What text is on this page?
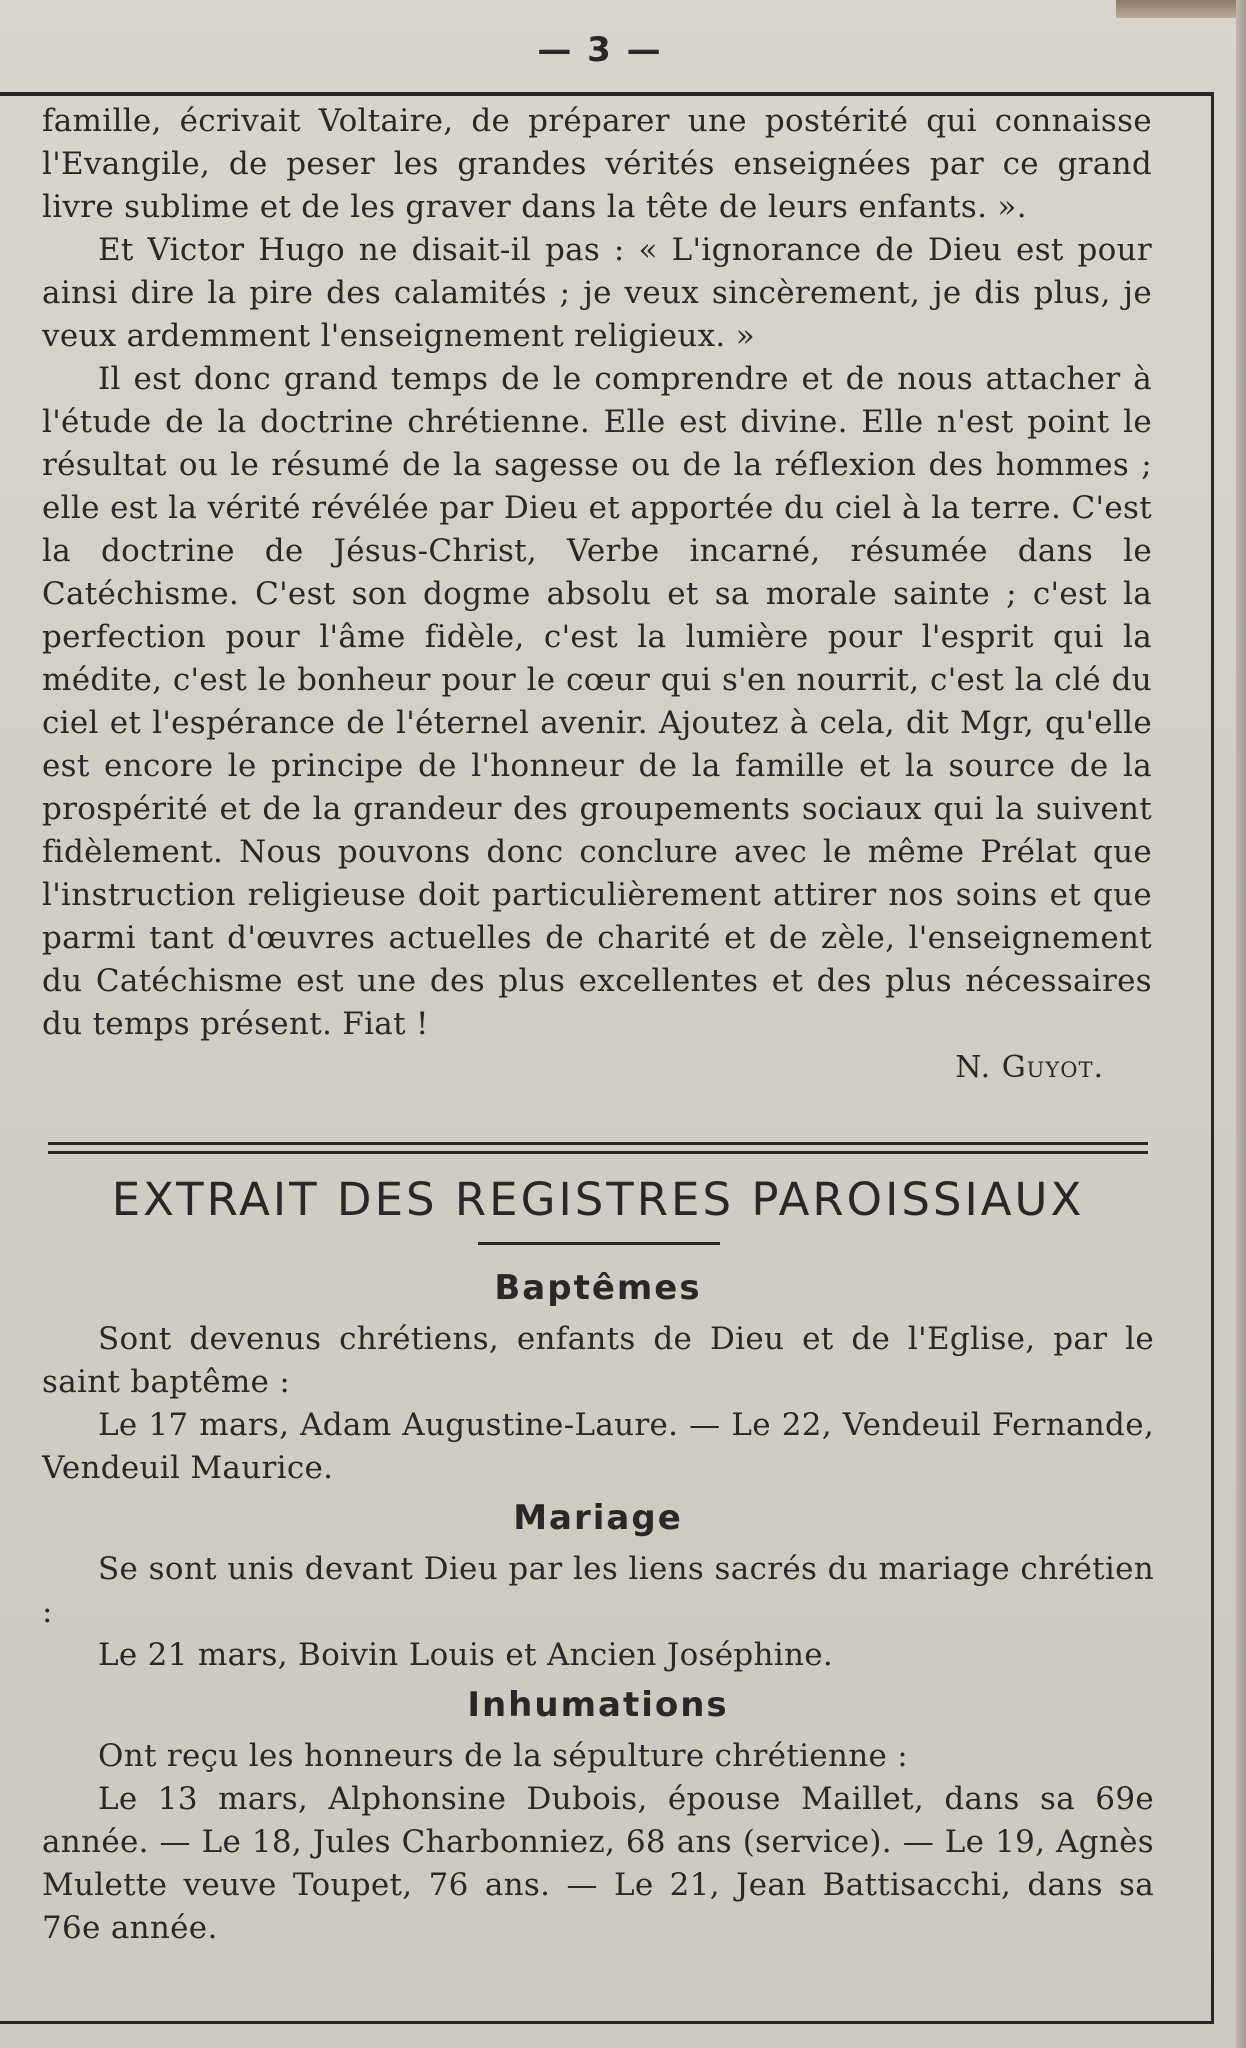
— 3 —

famille, écrivait Voltaire, de préparer une postérité qui connaisse l'Evangile, de peser les grandes vérités enseignées par ce grand livre sublime et de les graver dans la tête de leurs enfants. ».

Et Victor Hugo ne disait-il pas : « L'ignorance de Dieu est pour ainsi dire la pire des calamités ; je veux sincèrement, je dis plus, je veux ardemment l'enseignement religieux. »

Il est donc grand temps de le comprendre et de nous attacher à l'étude de la doctrine chrétienne. Elle est divine. Elle n'est point le résultat ou le résumé de la sagesse ou de la réflexion des hommes ; elle est la vérité révélée par Dieu et apportée du ciel à la terre. C'est la doctrine de Jésus-Christ, Verbe incarné, résumée dans le Catéchisme. C'est son dogme absolu et sa morale sainte ; c'est la perfection pour l'âme fidèle, c'est la lumière pour l'esprit qui la médite, c'est le bonheur pour le cœur qui s'en nourrit, c'est la clé du ciel et l'espérance de l'éternel avenir. Ajoutez à cela, dit Mgr, qu'elle est encore le principe de l'honneur de la famille et la source de la prospérité et de la grandeur des groupements sociaux qui la suivent fidèlement. Nous pouvons donc conclure avec le même Prélat que l'instruction religieuse doit particulièrement attirer nos soins et que parmi tant d'œuvres actuelles de charité et de zèle, l'enseignement du Catéchisme est une des plus excellentes et des plus nécessaires du temps présent. Fiat !

N. Guyot.
EXTRAIT DES REGISTRES PAROISSIAUX
Baptêmes

Sont devenus chrétiens, enfants de Dieu et de l'Eglise, par le saint baptême :

Le 17 mars, Adam Augustine-Laure. — Le 22, Vendeuil Fernande, Vendeuil Maurice.

Mariage

Se sont unis devant Dieu par les liens sacrés du mariage chrétien :

Le 21 mars, Boivin Louis et Ancien Joséphine.

Inhumations

Ont reçu les honneurs de la sépulture chrétienne :

Le 13 mars, Alphonsine Dubois, épouse Maillet, dans sa 69e année. — Le 18, Jules Charbonniez, 68 ans (service). — Le 19, Agnès Mulette veuve Toupet, 76 ans. — Le 21, Jean Battisacchi, dans sa 76e année.
